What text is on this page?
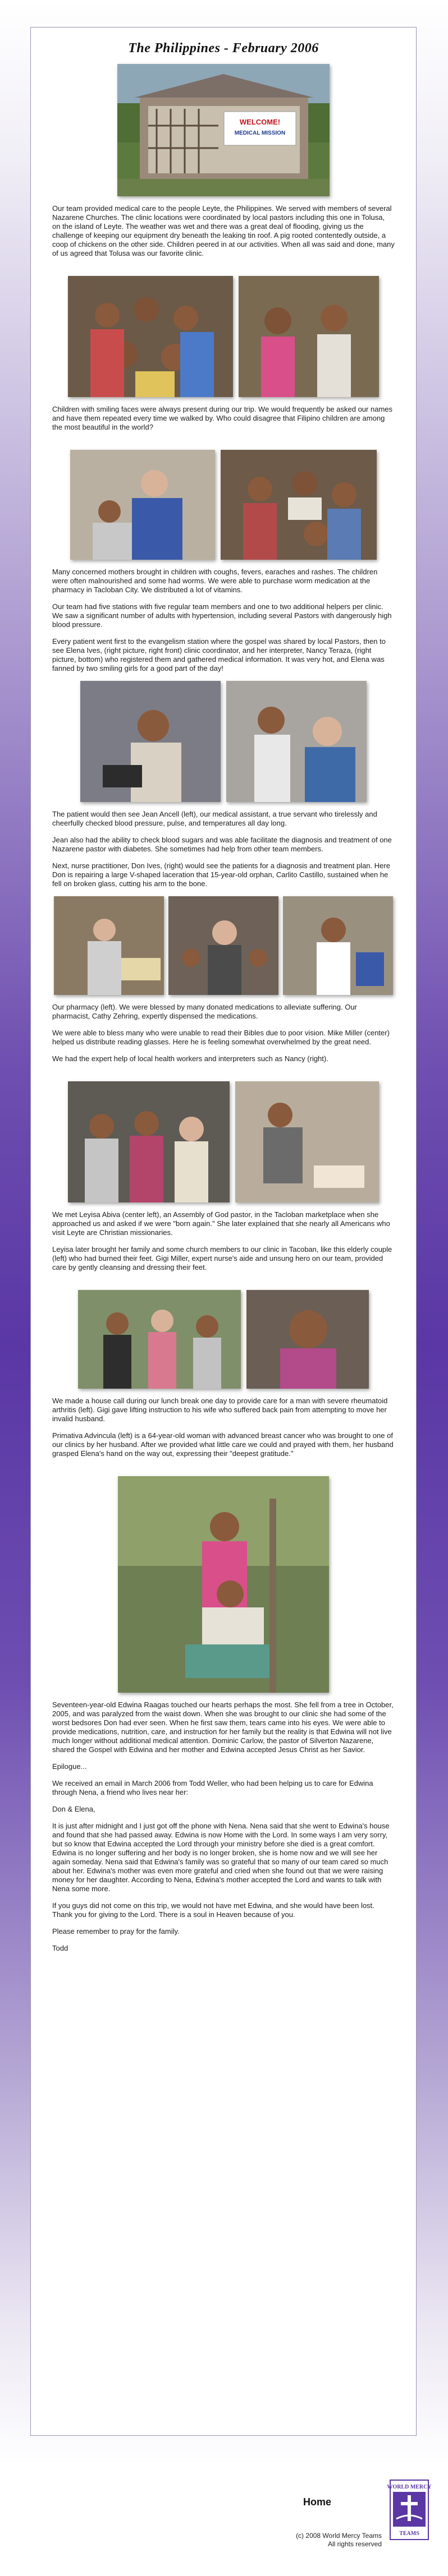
The Philippines - February 2006
WELCOME!
MEDICAL MISSION

Our team provided medical care to the people Leyte, the Philippines. We served with members of several Nazarene Churches. The clinic locations were coordinated by local pastors including this one in Tolusa, on the island of Leyte. The weather was wet and there was a great deal of flooding, giving us the challenge of keeping our equipment dry beneath the leaking tin roof. A pig rooted contentedly outside, a coop of chickens on the other side. Children peered in at our activities. When all was said and done, many of us agreed that Tolusa was our favorite clinic.

Children with smiling faces were always present during our trip. We would frequently be asked our names and have them repeated every time we walked by. Who could disagree that Filipino children are among the most beautiful in the world?

Many concerned mothers brought in children with coughs, fevers, earaches and rashes. The children were often malnourished and some had worms. We were able to purchase worm medication at the pharmacy in Tacloban City. We distributed a lot of vitamins.

Our team had five stations with five regular team members and one to two additional helpers per clinic. We saw a significant number of adults with hypertension, including several Pastors with dangerously high blood pressure.

Every patient went first to the evangelism station where the gospel was shared by local Pastors, then to see Elena Ives, (right picture, right front) clinic coordinator, and her interpreter, Nancy Teraza, (right picture, bottom) who registered them and gathered medical information. It was very hot, and Elena was fanned by two smiling girls for a good part of the day!

The patient would then see Jean Ancell (left), our medical assistant, a true servant who tirelessly and cheerfully checked blood pressure, pulse, and temperatures all day long.

Jean also had the ability to check blood sugars and was able facilitate the diagnosis and treatment of one Nazarene pastor with diabetes. She sometimes had help from other team members.

Next, nurse practitioner, Don Ives, (right) would see the patients for a diagnosis and treatment plan. Here Don is repairing a large V-shaped laceration that 15-year-old orphan, Carlito Castillo, sustained when he fell on broken glass, cutting his arm to the bone.

Our pharmacy (left). We were blessed by many donated medications to alleviate suffering. Our pharmacist, Cathy Zehring, expertly dispensed the medications.

We were able to bless many who were unable to read their Bibles due to poor vision. Mike Miller (center) helped us distribute reading glasses. Here he is feeling somewhat overwhelmed by the great need.

We had the expert help of local health workers and interpreters such as Nancy (right).

We met Leyisa Abiva (center left), an Assembly of God pastor, in the Tacloban marketplace when she approached us and asked if we were "born again." She later explained that she nearly all Americans who visit Leyte are Christian missionaries.

Leyisa later brought her family and some church members to our clinic in Tacoban, like this elderly couple (left) who had burned their feet. Gigi Miller, expert nurse's aide and unsung hero on our team, provided care by gently cleansing and dressing their feet.

We made a house call during our lunch break one day to provide care for a man with severe rheumatoid arthritis (left). Gigi gave lifting instruction to his wife who suffered back pain from attempting to move her invalid husband.

Primativa Advincula (left) is a 64-year-old woman with advanced breast cancer who was brought to one of our clinics by her husband. After we provided what little care we could and prayed with them, her husband grasped Elena's hand on the way out, expressing their "deepest gratitude."

Seventeen-year-old Edwina Raagas touched our hearts perhaps the most. She fell from a tree in October, 2005, and was paralyzed from the waist down. When she was brought to our clinic she had some of the worst bedsores Don had ever seen. When he first saw them, tears came into his eyes. We were able to provide medications, nutrition, care, and instruction for her family but the reality is that Edwina will not live much longer without additional medical attention. Dominic Carlow, the pastor of Silverton Nazarene, shared the Gospel with Edwina and her mother and Edwina accepted Jesus Christ as her Savior.

Epilogue...

We received an email in March 2006 from Todd Weller, who had been helping us to care for Edwina through Nena, a friend who lives near her:

Don & Elena,

It is just after midnight and I just got off the phone with Nena. Nena said that she went to Edwina's house and found that she had passed away. Edwina is now Home with the Lord. In some ways I am very sorry, but so know that Edwina accepted the Lord through your ministry before she died is a great comfort. Edwina is no longer suffering and her body is no longer broken, she is home now and we will see her again someday. Nena said that Edwina's family was so grateful that so many of our team cared so much about her. Edwina's mother was even more grateful and cried when she found out that we were raising money for her daughter. According to Nena, Edwina's mother accepted the Lord and wants to talk with Nena some more.

If you guys did not come on this trip, we would not have met Edwina, and she would have been lost. Thank you for giving to the Lord. There is a soul in Heaven because of you.

Please remember to pray for the family.

Todd

Home
(c) 2008 World Mercy Teams
All rights reserved
WORLD MERCY
TEAMS
